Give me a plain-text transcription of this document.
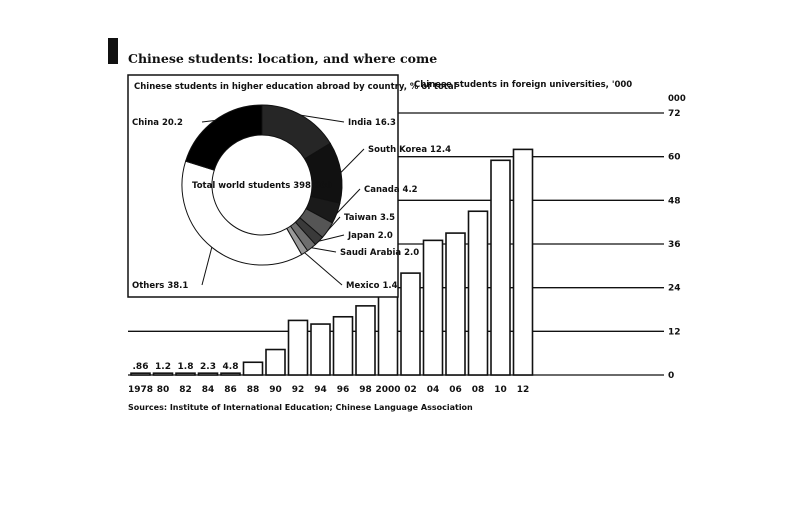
Chinese students: location, and where come
Chinese students in foreign universities, '000
000
.86 1.2 1.8 2.3 4.8
1978 80 82 84 86 88 90 92 94 96 98 2000 02 04 06 08 10 12
0
12
24
36
48
60
72
Chinese students in higher education abroad by country, % of total
India 16.3
South Korea 12.4
Canada 4.2
Taiwan 3.5
Japan 2.0
Saudi Arabia 2.0
Mexico 1.4
Others 38.1
China 20.2
Total world students 398,600
Sources: Institute of International Education; Chinese Language Association
